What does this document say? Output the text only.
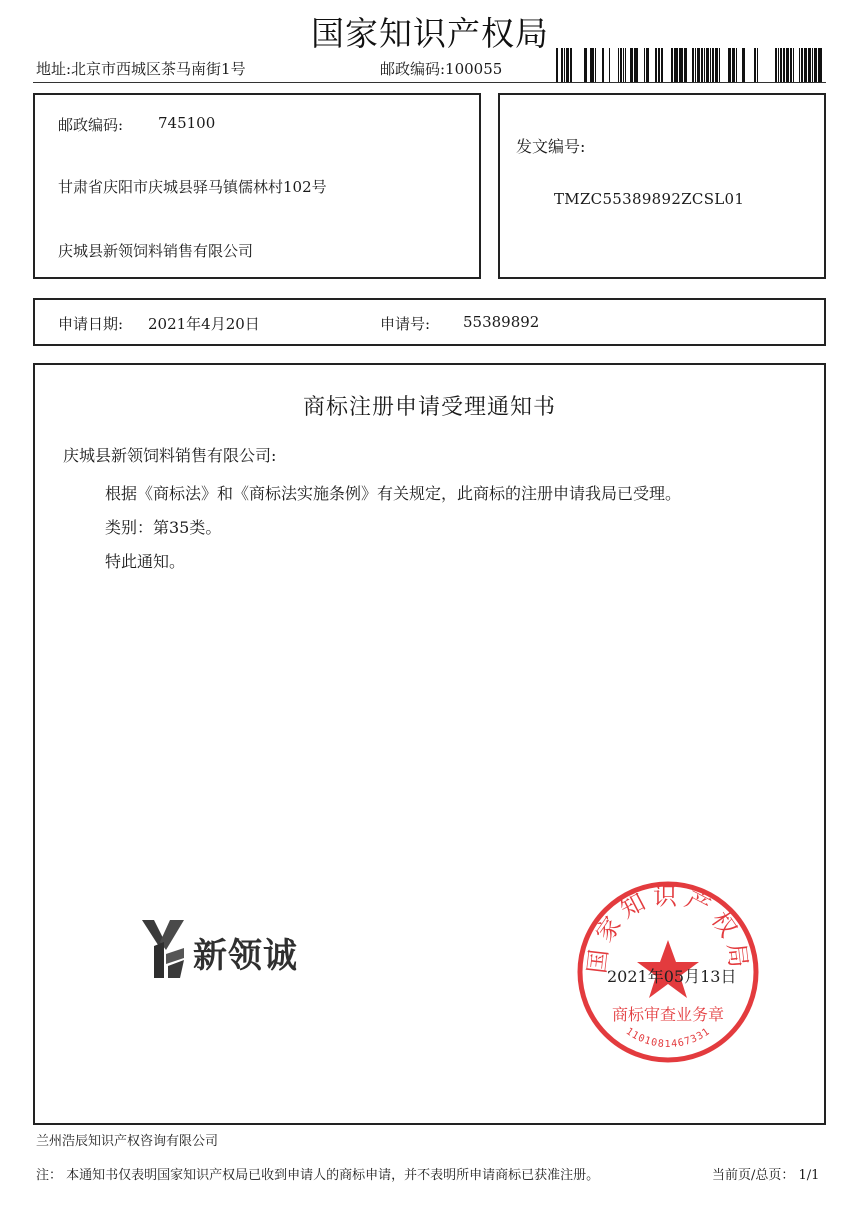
国家知识产权局
地址:北京市西城区茶马南街1号	邮政编码:100055
邮政编码: 745100
甘肃省庆阳市庆城县驿马镇儒林村102号
庆城县新领饲料销售有限公司
发文编号:
TMZC55389892ZCSL01
申请日期: 2021年4月20日	申请号: 55389892
商标注册申请受理通知书
庆城县新领饲料销售有限公司:
根据《商标法》和《商标法实施条例》有关规定，此商标的注册申请我局已受理。
类别：第35类。
特此通知。
新领诚	国家知识产权局
商标审查业务章
1101081467331
2021年05月13日
兰州浩辰知识产权咨询有限公司
注： 本通知书仅表明国家知识产权局已收到申请人的商标申请，并不表明所申请商标已获准注册。	当前页/总页： 1/1
